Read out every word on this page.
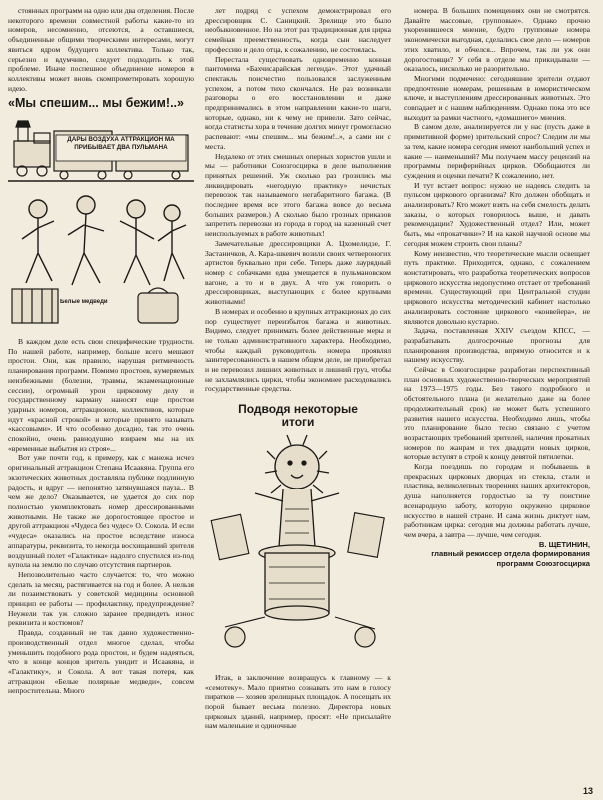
стоянных программ на одно или два отделения. После некоторого времени совместной работы какие-то из номеров, несомненно, отсеются, а оставшиеся, объединенные общими творческими интересами, могут явиться ядром будущего коллектива. Только так, серьезно и вдумчиво, следует подходить к этой проблеме. Иначе поспешное объединение номеров в коллективы может вновь скомпрометировать хорошую идею.

«Мы спешим... мы бежим!..»
ДАРЫ ВОЗДУХА АТТРАКЦИОН МА ПРИБЫВАЕТ ДВА ПУЛЬМАНА
Белые медведи

В каждом деле есть свои специфические трудности. По нашей работе, например, больше всего мешают простои. Они, как правило, нарушая ритмичность планирования программ. Помимо простоев, кумеряемых неизбежными (болезни, травмы, экзаменационные сессии), огромный урон цирковому делу и государственному карману наносят еще простои ударных номеров, аттракционов, коллективов, которые идут «красной строкой» и которые принято называть «кассовыми». И что особенно досадно, так это очень спокойно, очень равнодушно взираем мы на их «временные выбытия из строя»...

Вот уже почти год, к примеру, как с манежа исчез оригинальный аттракцион Степана Исаакяна. Группа его экзотических животных доставляла публике подлинную радость, и вдруг — непонятно затянувшаяся пауза... В чем же дело? Оказывается, не удается до сих пор полностью укомплектовать номер дрессированными животными. Не также же дорогостоящее простое и другой аттракцион «Чудеса без чудес» О. Сокола. И если «чудеса» оказались на простое вследствие износа аппаратуры, реквизита, то некогда восхищавший зрителя воздушный полет «Галактика» надолго спустился из-под купола на землю по случаю отсутствия партнеров.

Непозволительно часто случается: то, что можно сделать за месяц, растягивается на год и более. А нельзя ли позаимствовать у советской медицины основной принцип ее работы — профилактику, предупреждение? Неужели так уж сложно заранее предвидеть износ реквизита и костюмов?

Правда, созданный не так давно художественно-производственный отдел многое сделал, чтобы уменьшить подобного рода простои, и будем надеяться, что в конце концов зритель увидит и Исаакяна, и «Галактику», и Сокола. А вот такая потеря, как аттракцион «Белые полярные медведи», совсем непростительна. Много

лет подряд с успехом демонстрировал его дрессировщик С. Саницкий. Зрелище это было необыкновенное. Но на этот раз традиционная для цирка семейная преемственность, когда сын наследует профессию и дело отца, к сожалению, не состоялась.

Перестала существовать одновременно конная пантомима «Бахчисарайская легенда». Этот удачный спектакль поисчестно пользовался заслуженным успехом, а потом тихо скончался. Не раз возникали разговоры о его восстановлении и даже предпринимались в этом направлении какие-то шаги, которые, однако, ни к чему не привели. Зато сейчас, когда статисты хора в течение долгих минут громогласно распевают: «мы спешим... мы бежим!..», а сами ни с места.

Недалеко от этих смешных оперных хористов ушли и мы — работники Союзгосцирка в деле выполнения принятых решений. Уж сколько раз грозились мы ликвидировать «негодную практику» нечистых перевозок так называемого негабаритного багажа. (В последнее время все этого багажа вовсе до весьма больших размеров.) А сколько было грозных приказов запретить перевозки из города в город на казенный счет неиспользуемых в работе животных!

Замечательные дрессировщики А. Цхомелидзе, Г. Застаничков, А. Кара-шкевич возили своих четвероногих артистов буквально при себе. Теперь даже лаурядный номер с собачками едва умещается в пульмановском вагоне, а то и в двух. А что уж говорить о дрессировщиках, выступающих с более крупными животными!

В номерах и особенно в крупных аттракционах до сих пор существует переизбыток багажа и животных. Видимо, следует принимать более действенные меры и не только административного характера. Необходимо, чтобы каждый руководитель номера проявлял заинтересованность в нашем общем деле, не приобретал и не перевозил лишних животных и лишний груз, чтобы не захламлялись цирки, чтобы экономнее расходовались государственные средства.

Подводя некоторые итоги

Итак, в заключение возвращусь к главному — к «семотеку». Мало приятно сознавать это нам в голосу пиратков — хозяев зрелищных площадок. А посещать их порой бывает весьма полезно. Директора новых цирковых зданий, например, просят: «Не присылайте нам маленькие и одиночные

номера. В больших помещениях они не смотрятся. Давайте массовые, групповые». Однако прочно укоренившееся мнение, будто групповые номера экономически выгодная, сделались свое дело — номеров этих хватило, и обчелся... Впрочем, так ли уж они дорогостоящи? У себя в отделе мы прикидывали — оказалось, нисколько не разорительно.

Многими подмечено: сегодняшние зрители отдают предпочтение номерам, решенным в юмористическом ключе, и выступлениям дрессированных животных. Это совпадает и с нашим наблюдениям. Однако пока это все выходит за рамки частного, «домашнего» мнения.

В самом деле, анализируется ли у нас (пусть даже в примитивной форме) зрительский спрос? Следим ли мы за тем, какие номера сегодня имеют наибольший успех и какие — наименьший? Мы получаем массу рецензий на программы периферийных цирков. Обобщаются ли суждения и оценки печати? К сожалению, нет.

И тут встает вопрос: нужно не надеясь следить за пульсом циркового организма? Кто должен обобщать и анализировать? Кто может взять на себя смелость делать заказы, о которых говорилось выше, и давать рекомендации? Художественный отдел? Или, может быть, мы «прокатчики»? И на какой научной основе мы сегодня можем строить свои планы?

Кому неизвестно, что теоретические мысли освещает путь практике. Приходится, однако, с сожалением констатировать, что разработка теоретических вопросов циркового искусства недопустимо отстает от требований времени. Существующий при Центральной студии циркового искусства методический кабинет настолько анализировать состояние циркового «конвейера», не являются довольно кустарно.

Задача, поставленная XXIV съездом КПСС, — разрабатывать долгосрочные прогнозы для планирования производства, впрямую относится и к нашему искусству.

Сейчас в Союзгосцирке разработан перспективный план основных художественно-творческих мероприятий на 1973—1975 годы. Без такого подробного и обстоятельного плана (и желательно даже на более продолжительный срок) не может быть успешного развития нашего искусства. Необходимо лишь, чтобы это планирование было тесно связано с учетом возрастающих требований зрителей, наличия прокатных номеров по жанрам и тех двадцати новых цирков, которые вступят в строй к концу девятой пятилетки.

Когда поездишь по городам и побываешь в прекрасных цирковых дворцах из стекла, стали и пластика, великолепных творениях наших архитекторов, душа наполняется гордостью за ту поистине всенародную заботу, которую окружено цирковое искусство в нашей стране. И сама жизнь диктует нам, работникам цирка: сегодня мы должны работать лучше, чем вчера, а завтра — лучше, чем сегодня.

В. ЩЕТИНИН,
главный режиссер отдела формирования программ Союзгосцирка
13
